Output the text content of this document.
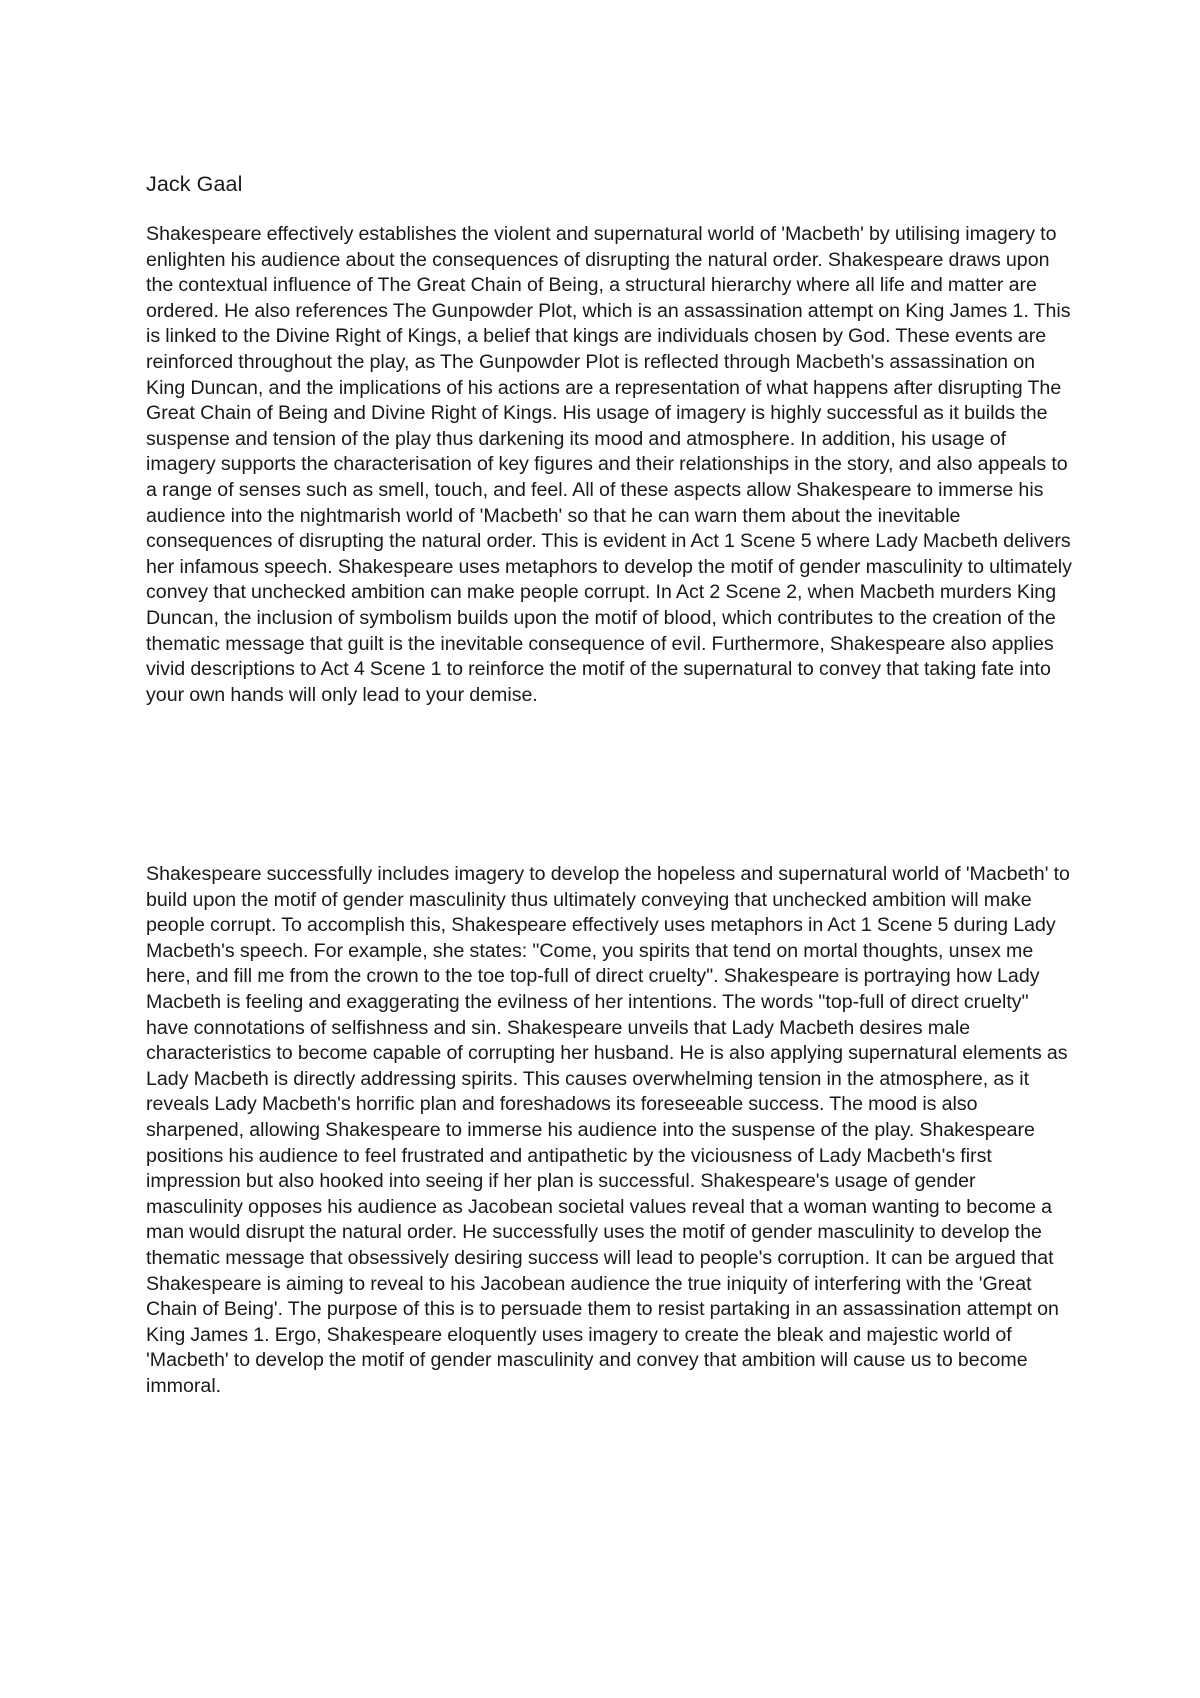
Jack Gaal

Shakespeare effectively establishes the violent and supernatural world of 'Macbeth' by utilising imagery to enlighten his audience about the consequences of disrupting the natural order. Shakespeare draws upon the contextual influence of The Great Chain of Being, a structural hierarchy where all life and matter are ordered. He also references The Gunpowder Plot, which is an assassination attempt on King James 1. This is linked to the Divine Right of Kings, a belief that kings are individuals chosen by God. These events are reinforced throughout the play, as The Gunpowder Plot is reflected through Macbeth's assassination on King Duncan, and the implications of his actions are a representation of what happens after disrupting The Great Chain of Being and Divine Right of Kings. His usage of imagery is highly successful as it builds the suspense and tension of the play thus darkening its mood and atmosphere. In addition, his usage of imagery supports the characterisation of key figures and their relationships in the story, and also appeals to a range of senses such as smell, touch, and feel. All of these aspects allow Shakespeare to immerse his audience into the nightmarish world of 'Macbeth' so that he can warn them about the inevitable consequences of disrupting the natural order. This is evident in Act 1 Scene 5 where Lady Macbeth delivers her infamous speech. Shakespeare uses metaphors to develop the motif of gender masculinity to ultimately convey that unchecked ambition can make people corrupt. In Act 2 Scene 2, when Macbeth murders King Duncan, the inclusion of symbolism builds upon the motif of blood, which contributes to the creation of the thematic message that guilt is the inevitable consequence of evil. Furthermore, Shakespeare also applies vivid descriptions to Act 4 Scene 1 to reinforce the motif of the supernatural to convey that taking fate into your own hands will only lead to your demise.

Shakespeare successfully includes imagery to develop the hopeless and supernatural world of 'Macbeth' to build upon the motif of gender masculinity thus ultimately conveying that unchecked ambition will make people corrupt. To accomplish this, Shakespeare effectively uses metaphors in Act 1 Scene 5 during Lady Macbeth's speech. For example, she states: "Come, you spirits that tend on mortal thoughts, unsex me here, and fill me from the crown to the toe top-full of direct cruelty". Shakespeare is portraying how Lady Macbeth is feeling and exaggerating the evilness of her intentions. The words "top-full of direct cruelty" have connotations of selfishness and sin. Shakespeare unveils that Lady Macbeth desires male characteristics to become capable of corrupting her husband. He is also applying supernatural elements as Lady Macbeth is directly addressing spirits. This causes overwhelming tension in the atmosphere, as it reveals Lady Macbeth's horrific plan and foreshadows its foreseeable success. The mood is also sharpened, allowing Shakespeare to immerse his audience into the suspense of the play. Shakespeare positions his audience to feel frustrated and antipathetic by the viciousness of Lady Macbeth's first impression but also hooked into seeing if her plan is successful. Shakespeare's usage of gender masculinity opposes his audience as Jacobean societal values reveal that a woman wanting to become a man would disrupt the natural order. He successfully uses the motif of gender masculinity to develop the thematic message that obsessively desiring success will lead to people's corruption. It can be argued that Shakespeare is aiming to reveal to his Jacobean audience the true iniquity of interfering with the 'Great Chain of Being'. The purpose of this is to persuade them to resist partaking in an assassination attempt on King James 1. Ergo, Shakespeare eloquently uses imagery to create the bleak and majestic world of 'Macbeth' to develop the motif of gender masculinity and convey that ambition will cause us to become immoral.
